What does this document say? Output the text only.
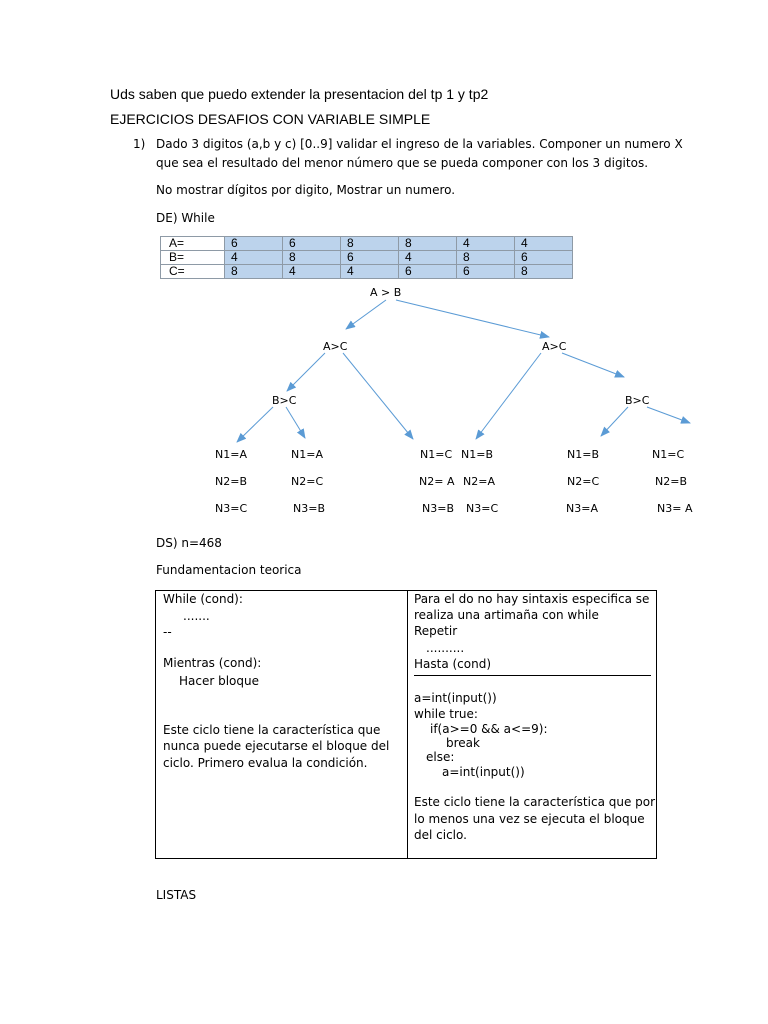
Uds saben que puedo extender la presentacion del tp 1 y tp2
EJERCICIOS DESAFIOS CON VARIABLE SIMPLE
1) Dado 3 digitos (a,b y c) [0..9] validar el ingreso de la variables. Componer un numero X
que sea el resultado del menor número que se pueda componer con los 3 digitos.
No mostrar dígitos por digito, Mostrar un numero.
DE) While
A=	6	6	8	8	4	4
B=	4	8	6	4	8	6
C=	8	4	4	6	6	8
A > B
A>C	A>C
B>C	B>C
N1=A
N2=B
N3=C
N1=A
N2=C
N3=B
N1=C
N2= A
N3=B
N1=B
N2=A
N3=C
N1=B
N2=C
N3=A
N1=C
N2=B
N3= A
DS) n=468
Fundamentacion teorica
While (cond):
.......
--
Mientras (cond):
Hacer bloque
Este ciclo tiene la característica que
nunca puede ejecutarse el bloque del
ciclo. Primero evalua la condición.
Para el do no hay sintaxis especifica se
realiza una artimaña con while
Repetir
..........
Hasta (cond)
a=int(input())
while true:
if(a>=0 && a<=9):
break
else:
a=int(input())
Este ciclo tiene la característica que por
lo menos una vez se ejecuta el bloque
del ciclo.
LISTAS
